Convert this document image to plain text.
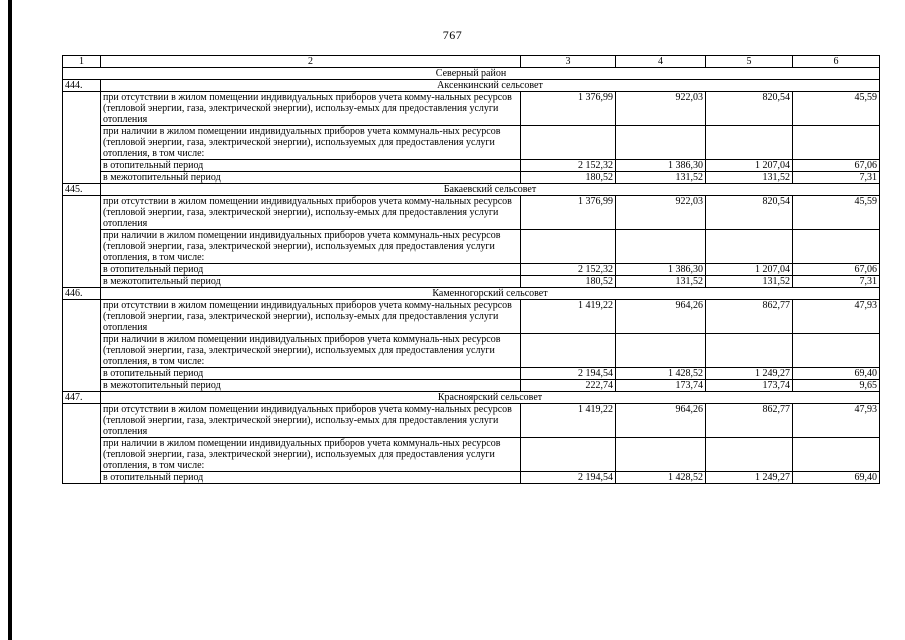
767
1	2	3	4	5	6
Северный район					
444.	Аксенкинский сельсовет				
	при отсутствии в жилом помещении индивидуальных приборов учета комму-нальных ресурсов (тепловой энергии, газа, электрической энергии), использу-емых для предоставления услуги отопления	1 376,99	922,03	820,54	45,59
	при наличии в жилом помещении индивидуальных приборов учета коммуналь-ных ресурсов (тепловой энергии, газа, электрической энергии), используемых для предоставления услуги отопления, в том числе:				
	в отопительный период	2 152,32	1 386,30	1 207,04	67,06
	в межотопительный период	180,52	131,52	131,52	7,31
445.	Бакаевский сельсовет				
	при отсутствии в жилом помещении индивидуальных приборов учета комму-нальных ресурсов (тепловой энергии, газа, электрической энергии), использу-емых для предоставления услуги отопления	1 376,99	922,03	820,54	45,59
	при наличии в жилом помещении индивидуальных приборов учета коммуналь-ных ресурсов (тепловой энергии, газа, электрической энергии), используемых для предоставления услуги отопления, в том числе:				
	в отопительный период	2 152,32	1 386,30	1 207,04	67,06
	в межотопительный период	180,52	131,52	131,52	7,31
446.	Каменногорский сельсовет				
	при отсутствии в жилом помещении индивидуальных приборов учета комму-нальных ресурсов (тепловой энергии, газа, электрической энергии), использу-емых для предоставления услуги отопления	1 419,22	964,26	862,77	47,93
	при наличии в жилом помещении индивидуальных приборов учета коммуналь-ных ресурсов (тепловой энергии, газа, электрической энергии), используемых для предоставления услуги отопления, в том числе:				
	в отопительный период	2 194,54	1 428,52	1 249,27	69,40
	в межотопительный период	222,74	173,74	173,74	9,65
447.	Красноярский сельсовет				
	при отсутствии в жилом помещении индивидуальных приборов учета комму-нальных ресурсов (тепловой энергии, газа, электрической энергии), использу-емых для предоставления услуги отопления	1 419,22	964,26	862,77	47,93
	при наличии в жилом помещении индивидуальных приборов учета коммуналь-ных ресурсов (тепловой энергии, газа, электрической энергии), используемых для предоставления услуги отопления, в том числе:				
	в отопительный период	2 194,54	1 428,52	1 249,27	69,40
